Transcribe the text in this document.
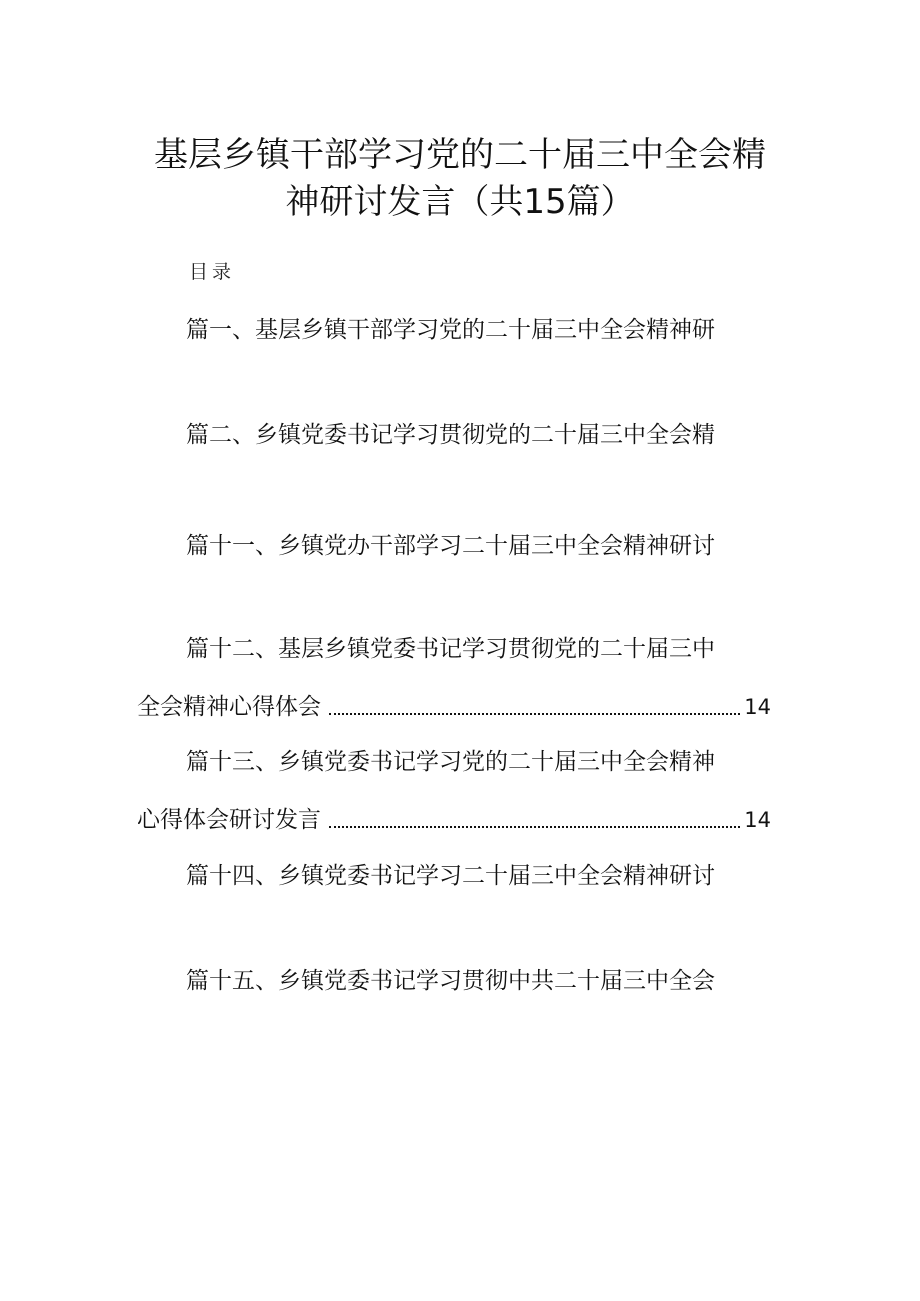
基层乡镇干部学习党的二十届三中全会精
神研讨发言（共15篇）
目录
篇一、基层乡镇干部学习党的二十届三中全会精神研
篇二、乡镇党委书记学习贯彻党的二十届三中全会精
篇十一、乡镇党办干部学习二十届三中全会精神研讨
篇十二、基层乡镇党委书记学习贯彻党的二十届三中
全会精神心得体会	14
篇十三、乡镇党委书记学习党的二十届三中全会精神
心得体会研讨发言	14
篇十四、乡镇党委书记学习二十届三中全会精神研讨
篇十五、乡镇党委书记学习贯彻中共二十届三中全会
